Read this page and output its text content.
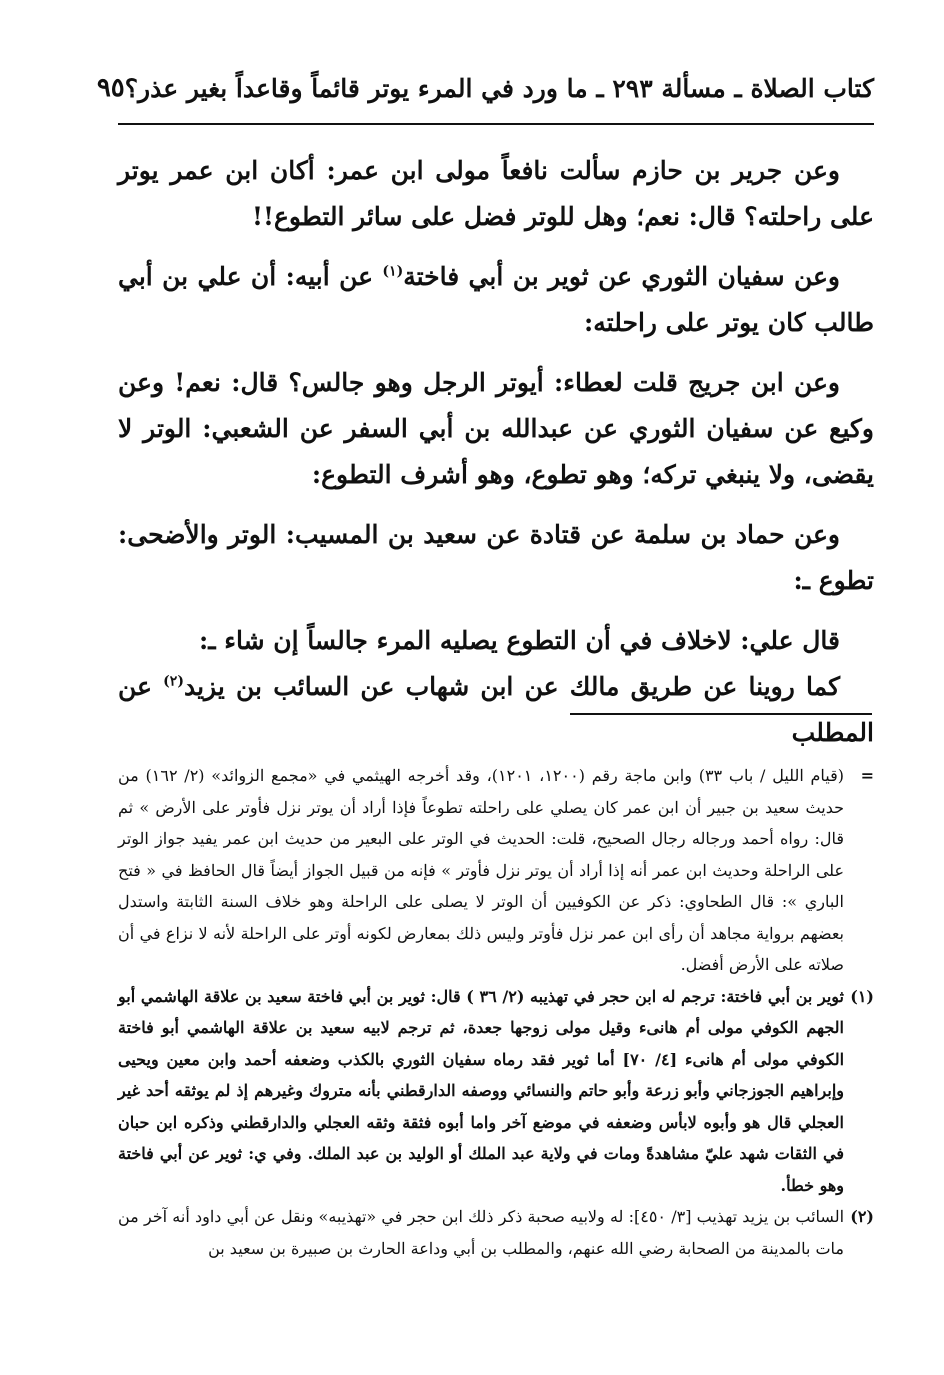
كتاب الصلاة ـ مسألة ٢٩٣ ـ ما ورد في المرء يوتر قائماً وقاعداً بغير عذر؟
٩٥

وعن جرير بن حازم سألت نافعاً مولى ابن عمر: أكان ابن عمر يوتر على راحلته؟ قال: نعم؛ وهل للوتر فضل على سائر التطوع!!

وعن سفيان الثوري عن ثوير بن أبي فاختة$^{(١)}$ عن أبيه: أن علي بن أبي طالب كان يوتر على راحلته:

وعن ابن جريج قلت لعطاء: أيوتر الرجل وهو جالس؟ قال: نعم! وعن وكيع عن سفيان الثوري عن عبدالله بن أبي السفر عن الشعبي: الوتر لا يقضى، ولا ينبغي تركه؛ وهو تطوع، وهو أشرف التطوع:

وعن حماد بن سلمة عن قتادة عن سعيد بن المسيب: الوتر والأضحى: تطوع ـ:

قال علي: لاخلاف في أن التطوع يصليه المرء جالساً إن شاء ـ:

كما روينا عن طريق مالك عن ابن شهاب عن السائب بن يزيد$^{(٢)}$ عن المطلب

=
(قيام الليل / باب ٣٣) وابن ماجة رقم (١٢٠٠، ١٢٠١)، وقد أخرجه الهيثمي في «مجمع الزوائد» (٢/ ١٦٢) من حديث سعيد بن جبير أن ابن عمر كان يصلي على راحلته تطوعاً فإذا أراد أن يوتر نزل فأوتر على الأرض » ثم قال: رواه أحمد ورجاله رجال الصحيح، قلت: الحديث في الوتر على البعير من حديث ابن عمر يفيد جواز الوتر على الراحلة وحديث ابن عمر أنه إذا أراد أن يوتر نزل فأوتر » فإنه من قبيل الجواز أيضاً قال الحافظ في « فتح الباري »: قال الطحاوي: ذكر عن الكوفيين أن الوتر لا يصلى على الراحلة وهو خلاف السنة الثابتة واستدل بعضهم برواية مجاهد أن رأى ابن عمر نزل فأوتر وليس ذلك بمعارض لكونه أوتر على الراحلة لأنه لا نزاع في أن صلاته على الأرض أفضل.
(١)
ثوير بن أبي فاختة: ترجم له ابن حجر في تهذيبه (٢/ ٣٦ ) قال: ثوير بن أبي فاختة سعيد بن علاقة الهاشمي أبو الجهم الكوفي مولى أم هانىء وقيل مولى زوجها جعدة، ثم ترجم لابيه سعيد بن علاقة الهاشمي أبو فاختة الكوفي مولى أم هانىء [٤/ ٧٠] أما ثوير فقد رماه سفيان الثوري بالكذب وضعفه أحمد وابن معين ويحيى وإبراهيم الجوزجاني وأبو زرعة وأبو حاتم والنسائي ووصفه الدارقطني بأنه متروك وغيرهم إذ لم يوثقه أحد غير العجلي قال هو وأبوه لابأس وضعفه في موضع آخر واما أبوه فثقة وثقه العجلي والدارقطني وذكره ابن حبان في الثقات شهد عليّ مشاهدةً ومات في ولاية عبد الملك أو الوليد بن عبد الملك. وفي ي: ثوير عن أبي فاختة وهو خطأ.
(٢)
السائب بن يزيد تهذيب [٣/ ٤٥٠]: له ولابيه صحبة ذكر ذلك ابن حجر في «تهذيبه» ونقل عن أبي داود أنه آخر من مات بالمدينة من الصحابة رضي الله عنهم، والمطلب بن أبي وداعة الحارث بن صبيرة بن سعيد بن
